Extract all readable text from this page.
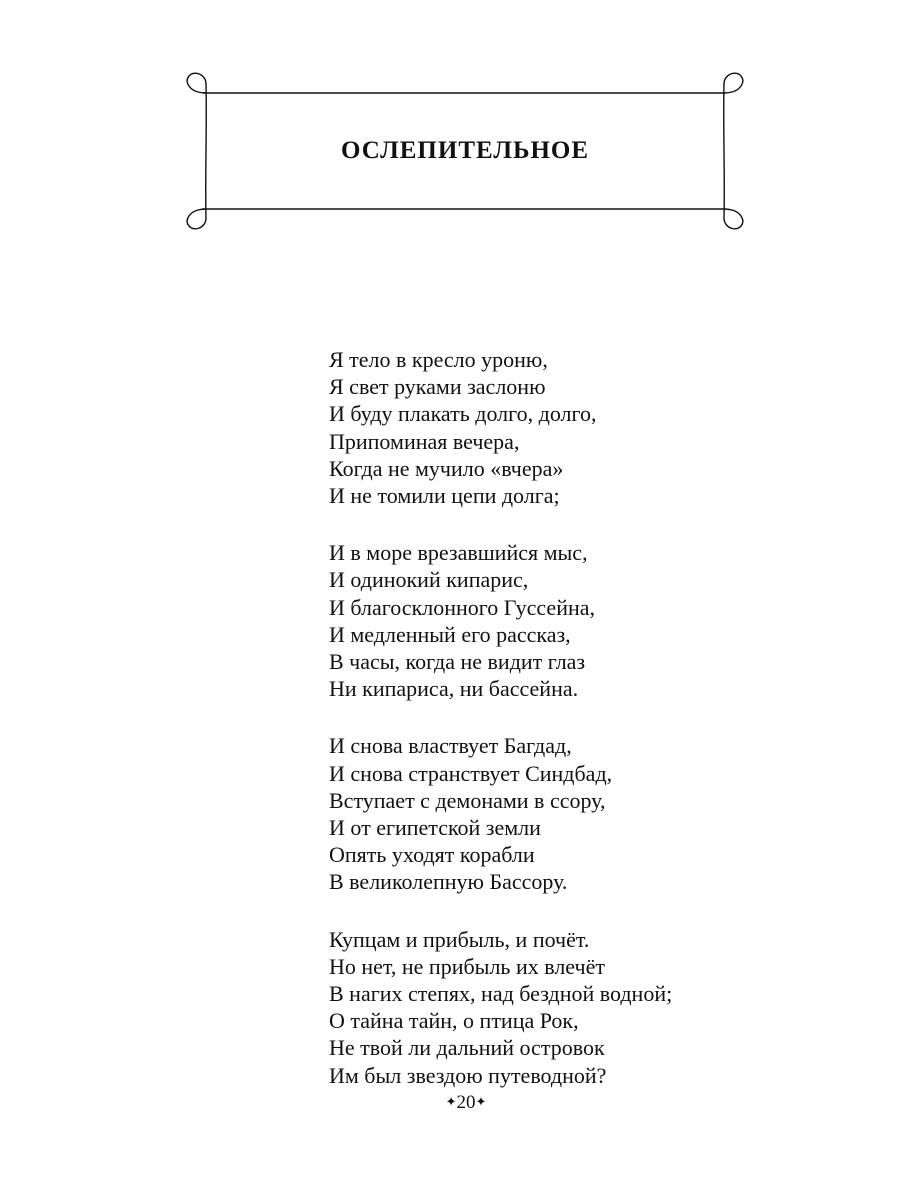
ОСЛЕПИТЕЛЬНОЕ
Я тело в кресло уроню,
Я свет руками заслоню
И буду плакать долго, долго,
Припоминая вечера,
Когда не мучило «вчера»
И не томили цепи долга;
И в море врезавшийся мыс,
И одинокий кипарис,
И благосклонного Гуссейна,
И медленный его рассказ,
В часы, когда не видит глаз
Ни кипариса, ни бассейна.
И снова властвует Багдад,
И снова странствует Синдбад,
Вступает с демонами в ссору,
И от египетской земли
Опять уходят корабли
В великолепную Бассору.
Купцам и прибыль, и почёт.
Но нет, не прибыль их влечёт
В нагих степях, над бездной водной;
О тайна тайн, о птица Рок,
Не твой ли дальний островок
Им был звездою путеводной?
✦20✦
